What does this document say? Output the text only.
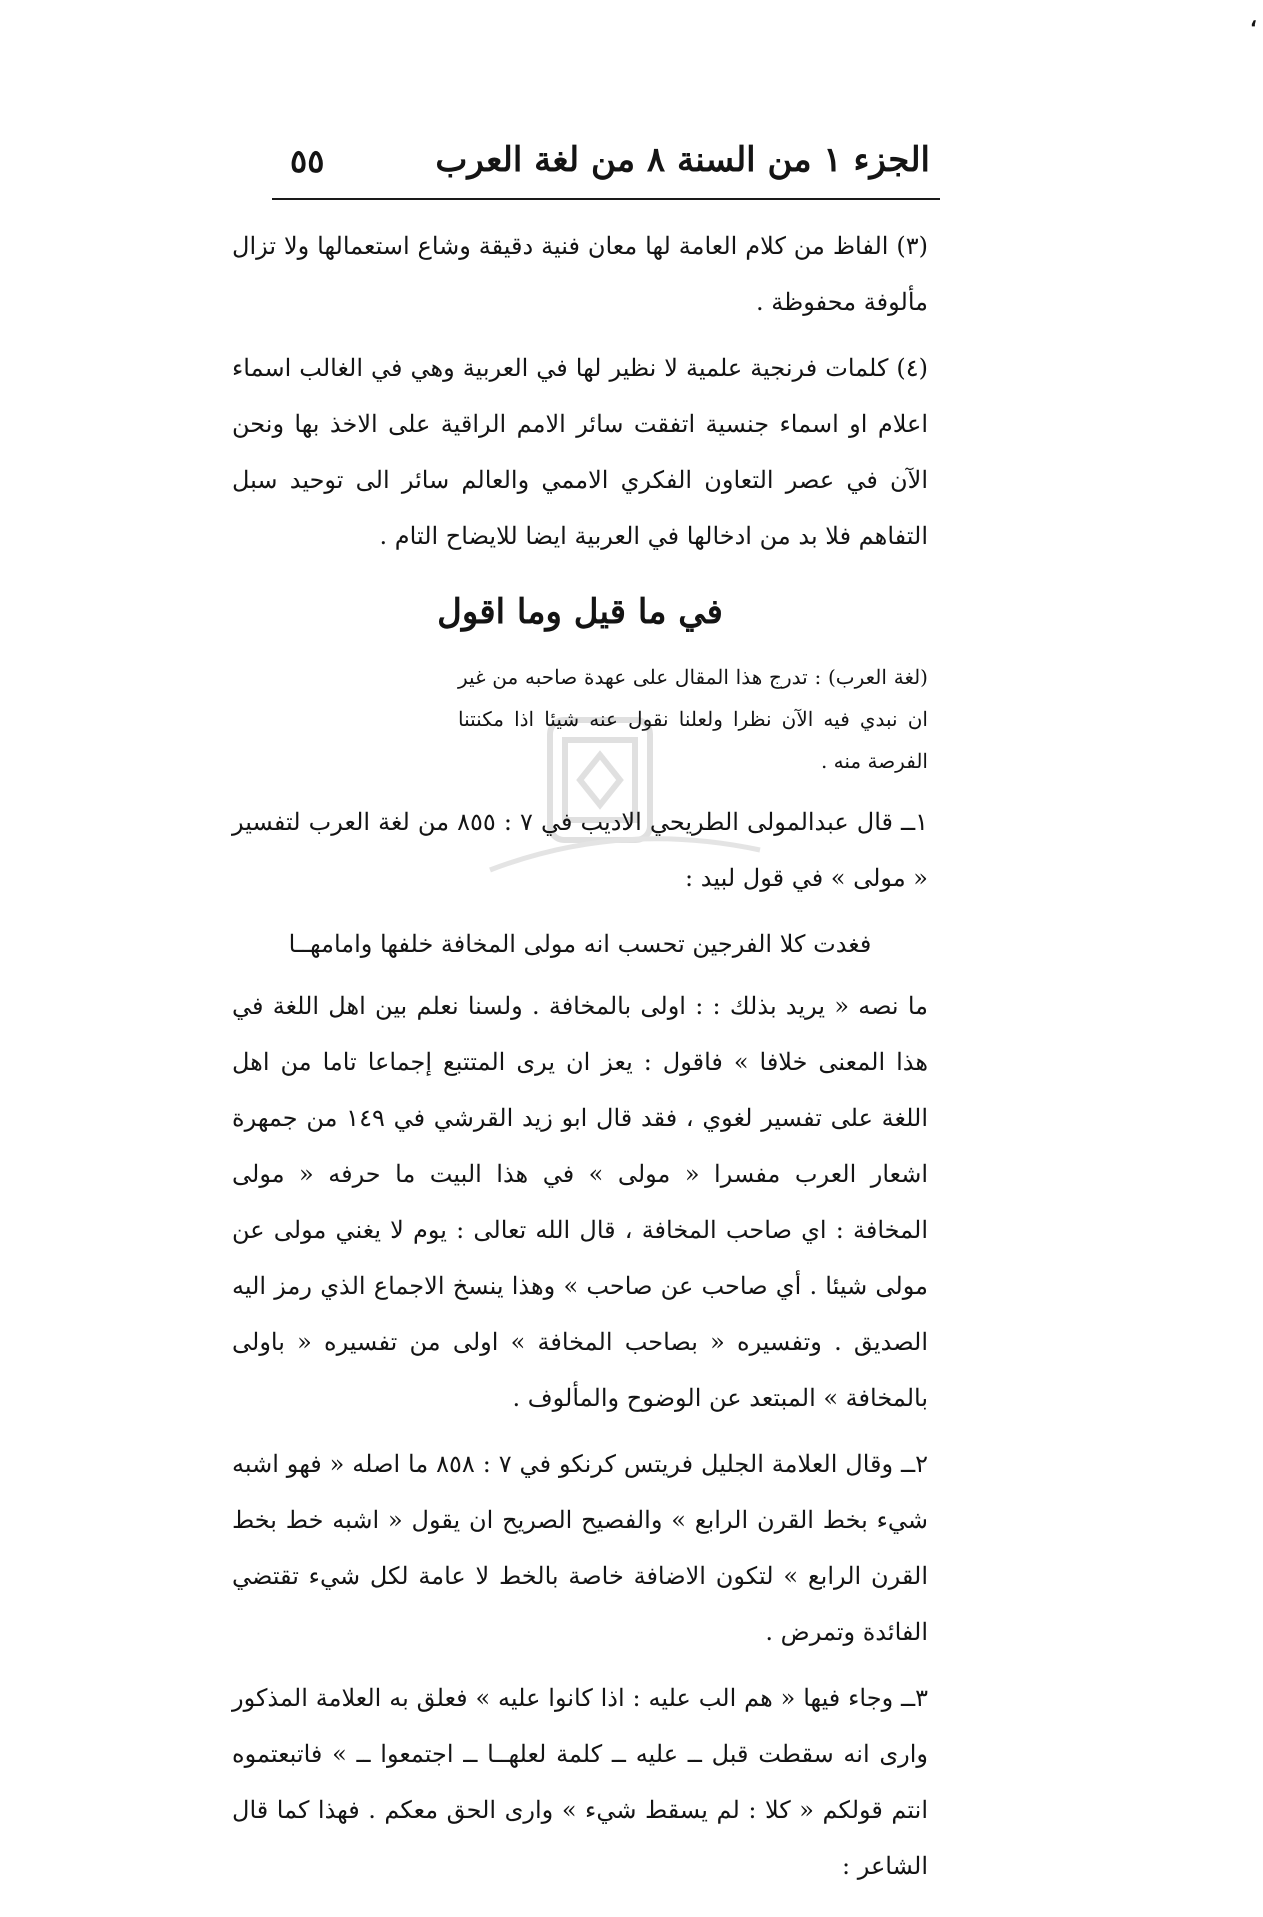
،
الجزء ١ من السنة ٨ من لغة العرب
٥٥

(٣) الفاظ من كلام العامة لها معان فنية دقيقة وشاع استعمالها ولا تزال مألوفة محفوظة .

(٤) كلمات فرنجية علمية لا نظير لها في العربية وهي في الغالب اسماء اعلام او اسماء جنسية اتفقت سائر الامم الراقية على الاخذ بها ونحن الآن في عصر التعاون الفكري الاممي والعالم سائر الى توحيد سبل التفاهم فلا بد من ادخالها في العربية ايضا للايضاح التام .

في ما قيل وما اقول

(لغة العرب) : تدرج هذا المقال على عهدة صاحبه من غير ان نبدي فيه الآن نظرا ولعلنا نقول عنه شيئا اذا مكنتنا الفرصة منه .

١ــ قال عبدالمولى الطريحي الاديب في ٧ : ٨٥٥ من لغة العرب لتفسير « مولى » في قول لبيد :

فغدت كلا الفرجين تحسب انه مولى المخافة خلفها وامامهــا

ما نصه « يريد بذلك : : اولى بالمخافة . ولسنا نعلم بين اهل اللغة في هذا المعنى خلافا » فاقول : يعز ان يرى المتتبع إجماعا تاما من اهل اللغة على تفسير لغوي ، فقد قال ابو زيد القرشي في ١٤٩ من جمهرة اشعار العرب مفسرا « مولى » في هذا البيت ما حرفه « مولى المخافة : اي صاحب المخافة ، قال الله تعالى : يوم لا يغني مولى عن مولى شيئا . أي صاحب عن صاحب » وهذا ينسخ الاجماع الذي رمز اليه الصديق . وتفسيره « بصاحب المخافة » اولى من تفسيره « باولى بالمخافة » المبتعد عن الوضوح والمألوف .

٢ــ وقال العلامة الجليل فريتس كرنكو في ٧ : ٨٥٨ ما اصله « فهو اشبه شيء بخط القرن الرابع » والفصيح الصريح ان يقول « اشبه خط بخط القرن الرابع » لتكون الاضافة خاصة بالخط لا عامة لكل شيء تقتضي الفائدة وتمرض .

٣ــ وجاء فيها « هم الب عليه : اذا كانوا عليه » فعلق به العلامة المذكور وارى انه سقطت قبل ــ عليه ــ كلمة لعلهــا ــ اجتمعوا ــ » فاتبعتموه انتم قولكم « كلا : لم يسقط شيء » وارى الحق معكم . فهذا كما قال الشاعر :
